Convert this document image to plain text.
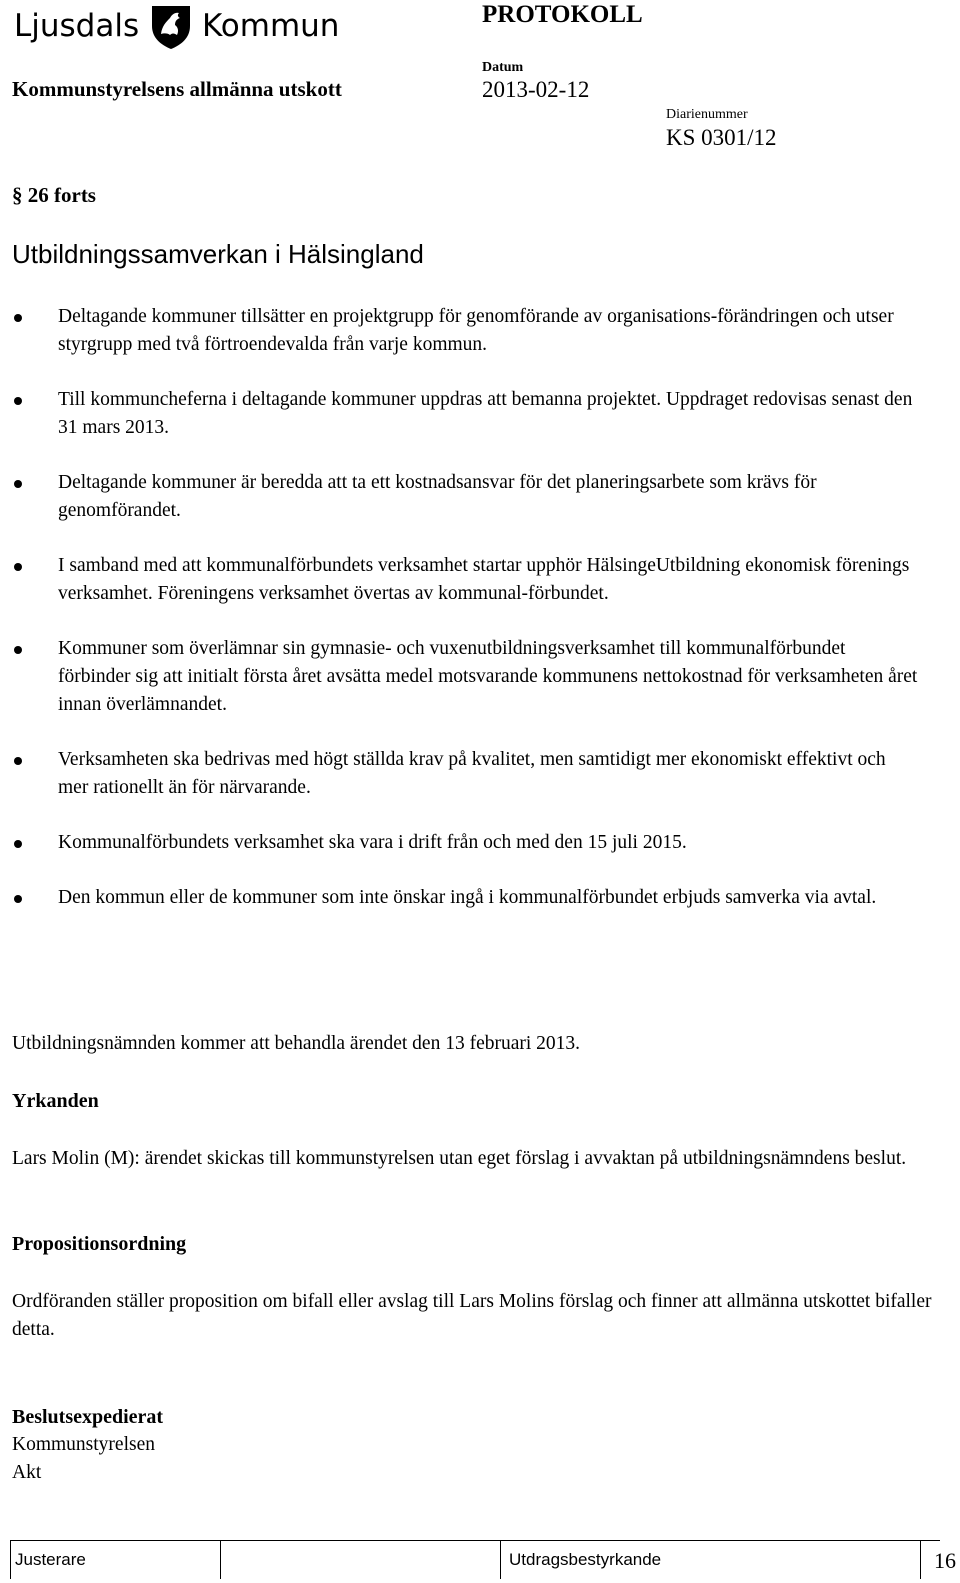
Ljusdals Kommun	PROTOKOLL
Kommunstyrelsens allmänna utskott
Datum
2013-02-12
Diarienummer
KS 0301/12
§ 26 forts
Utbildningssamverkan i Hälsingland
Deltagande kommuner tillsätter en projektgrupp för genomförande av organisations-förändringen och utser styrgrupp med två förtroendevalda från varje kommun.
Till kommuncheferna i deltagande kommuner uppdras att bemanna projektet. Uppdraget redovisas senast den 31 mars 2013.
Deltagande kommuner är beredda att ta ett kostnadsansvar för det planeringsarbete som krävs för genomförandet.
I samband med att kommunalförbundets verksamhet startar upphör HälsingeUtbildning ekonomisk förenings verksamhet. Föreningens verksamhet övertas av kommunal-förbundet.
Kommuner som överlämnar sin gymnasie- och vuxenutbildningsverksamhet till kommunalförbundet förbinder sig att initialt första året avsätta medel motsvarande kommunens nettokostnad för verksamheten året innan överlämnandet.
Verksamheten ska bedrivas med högt ställda krav på kvalitet, men samtidigt mer ekonomiskt effektivt och mer rationellt än för närvarande.
Kommunalförbundets verksamhet ska vara i drift från och med den 15 juli 2015.
Den kommun eller de kommuner som inte önskar ingå i kommunalförbundet erbjuds samverka via avtal.
Utbildningsnämnden kommer att behandla ärendet den 13 februari 2013.
Yrkanden
Lars Molin (M): ärendet skickas till kommunstyrelsen utan eget förslag i avvaktan på utbildningsnämndens beslut.
Propositionsordning
Ordföranden ställer proposition om bifall eller avslag till Lars Molins förslag och finner att allmänna utskottet bifaller detta.
Beslutsexpedierat
Kommunstyrelsen
Akt
Justerare	Utdragsbestyrkande	16
